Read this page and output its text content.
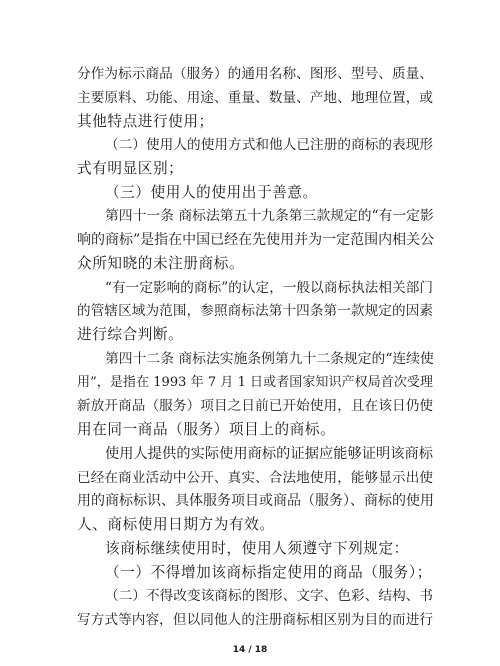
分作为标示商品（服务）的通用名称、图形、型号、质量、
主要原料、功能、用途、重量、数量、产地、地理位置，或
其他特点进行使用；
（二）使用人的使用方式和他人已注册的商标的表现形
式有明显区别；
（三）使用人的使用出于善意。
第四十一条 商标法第五十九条第三款规定的“有一定影
响的商标”是指在中国已经在先使用并为一定范围内相关公
众所知晓的未注册商标。
“有一定影响的商标”的认定，一般以商标执法相关部门
的管辖区域为范围，参照商标法第十四条第一款规定的因素
进行综合判断。
第四十二条 商标法实施条例第九十二条规定的“连续使
用”，是指在 1993 年 7 月 1 日或者国家知识产权局首次受理
新放开商品（服务）项目之日前已开始使用，且在该日仍使
用在同一商品（服务）项目上的商标。
使用人提供的实际使用商标的证据应能够证明该商标
已经在商业活动中公开、真实、合法地使用，能够显示出使
用的商标标识、具体服务项目或商品（服务）、商标的使用
人、商标使用日期方为有效。
该商标继续使用时，使用人须遵守下列规定：
（一）不得增加该商标指定使用的商品（服务）；
（二）不得改变该商标的图形、文字、色彩、结构、书
写方式等内容，但以同他人的注册商标相区别为目的而进行
14 / 18
